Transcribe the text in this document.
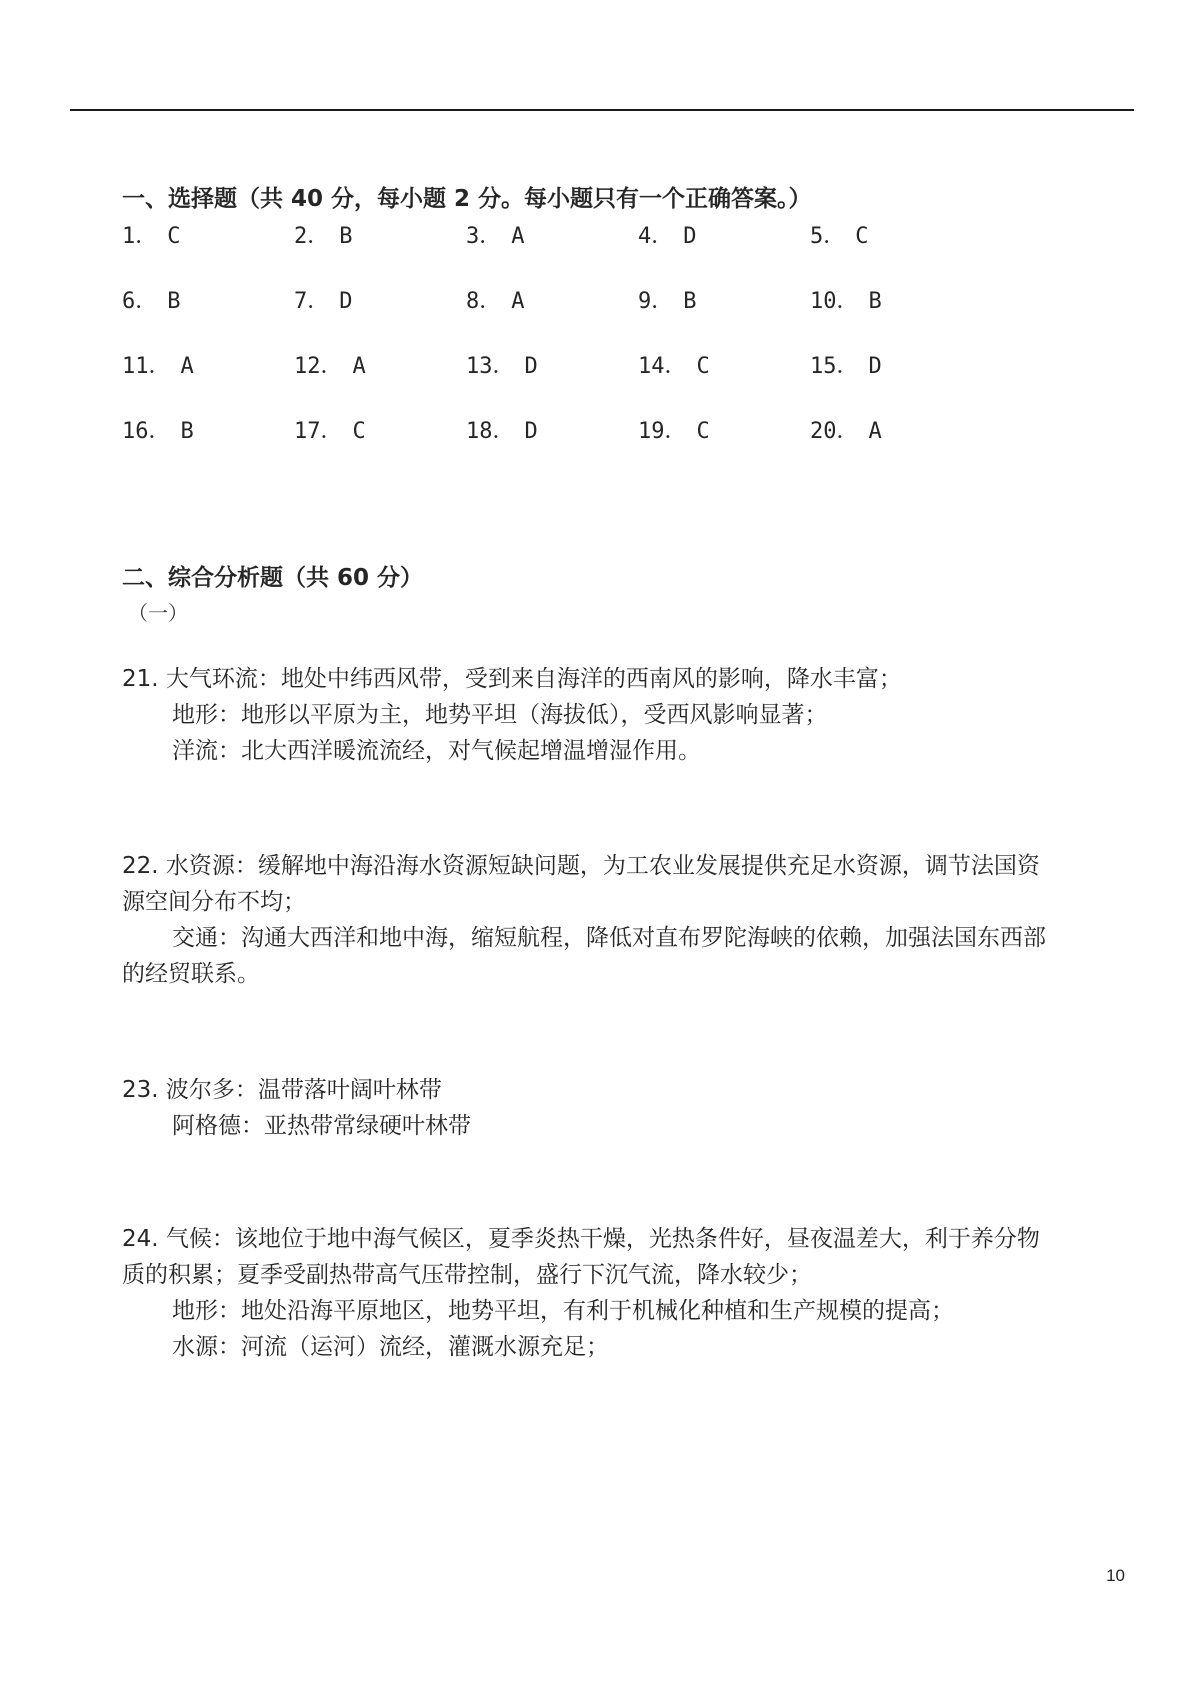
一、选择题（共 40 分，每小题 2 分。每小题只有一个正确答案。）

1． C	2． B	3． A	4． D	5． C
6． B	7． D	8． A	9． B	10． B
11． A	12． A	13． D	14． C	15． D
16． B	17． C	18． D	19． C	20． A

二、综合分析题（共 60 分）

（一）

21. 大气环流：地处中纬西风带，受到来自海洋的西南风的影响，降水丰富；
地形：地形以平原为主，地势平坦（海拔低），受西风影响显著；
洋流：北大西洋暖流流经，对气候起增温增湿作用。
22. 水资源：缓解地中海沿海水资源短缺问题，为工农业发展提供充足水资源，调节法国资
源空间分布不均；
交通：沟通大西洋和地中海，缩短航程，降低对直布罗陀海峡的依赖，加强法国东西部
的经贸联系。
23. 波尔多：温带落叶阔叶林带
阿格德：亚热带常绿硬叶林带
24. 气候：该地位于地中海气候区，夏季炎热干燥，光热条件好，昼夜温差大，利于养分物
质的积累；夏季受副热带高气压带控制，盛行下沉气流，降水较少；
地形：地处沿海平原地区，地势平坦，有利于机械化种植和生产规模的提高；
水源：河流（运河）流经，灌溉水源充足；
10
